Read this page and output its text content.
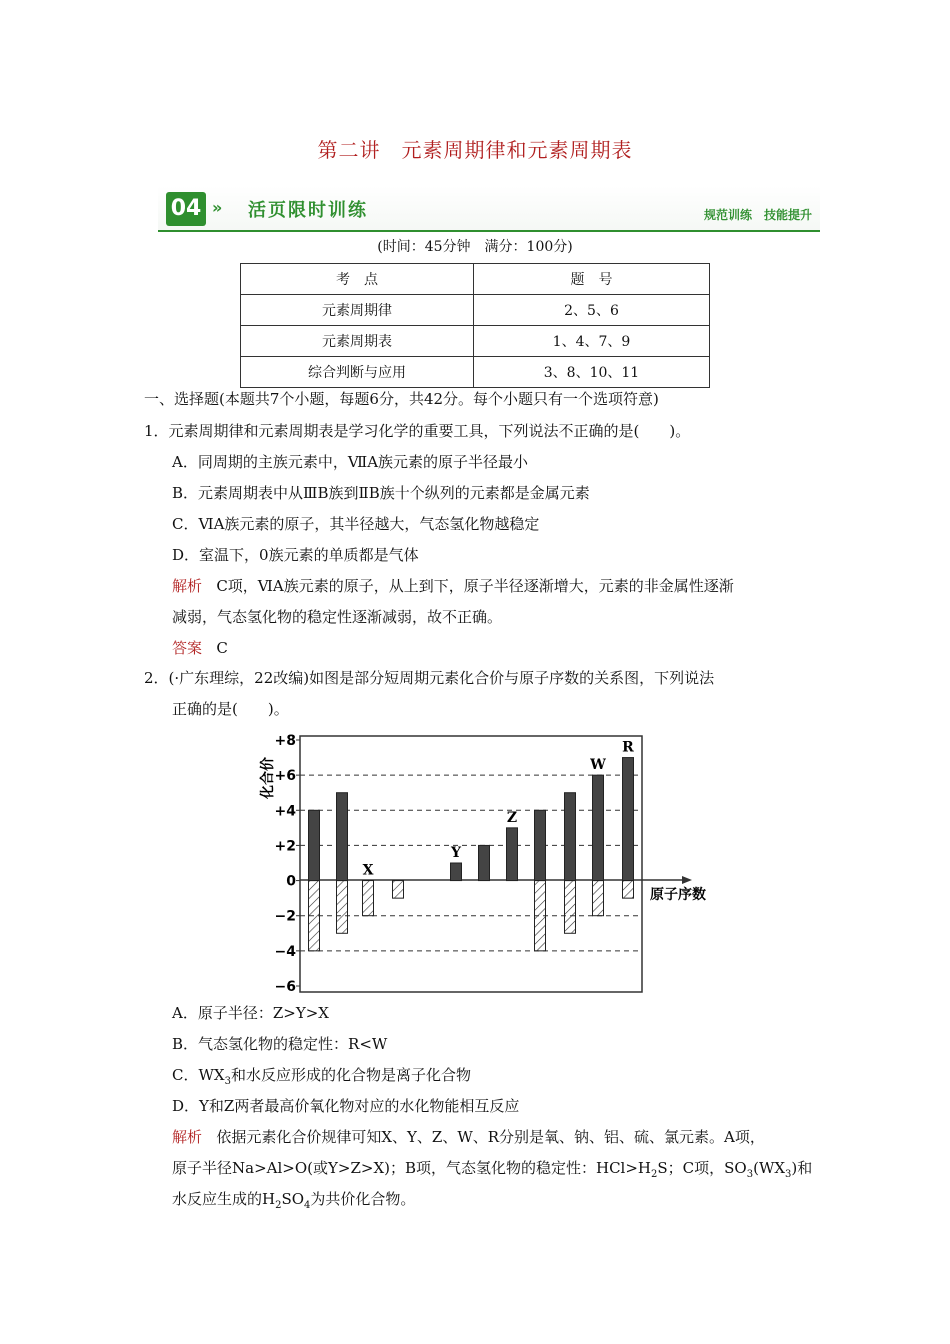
第二讲　元素周期律和元素周期表
04 » 活页限时训练	规范训练　技能提升
(时间：45分钟　满分：100分)
考　点	题　号
元素周期律	2、5、6
元素周期表	1、4、7、9
综合判断与应用	3、8、10、11
一、选择题(本题共7个小题，每题6分，共42分。每个小题只有一个选项符意)
1．元素周期律和元素周期表是学习化学的重要工具，下列说法不正确的是(　　)。
A．同周期的主族元素中，ⅦA族元素的原子半径最小
B．元素周期表中从ⅢB族到ⅡB族十个纵列的元素都是金属元素
C．ⅥA族元素的原子，其半径越大，气态氢化物越稳定
D．室温下，0族元素的单质都是气体
解析 C项，ⅥA族元素的原子，从上到下，原子半径逐渐增大，元素的非金属性逐渐
减弱，气态氢化物的稳定性逐渐减弱，故不正确。
答案 C
2．(·广东理综，22改编)如图是部分短周期元素化合价与原子序数的关系图，下列说法
正确的是(　　)。
+8
+6
+4
+2
0
−2
−4
−6
X
Y
Z
W
R
化合价
原子序数
A．原子半径：Z>Y>X
B．气态氢化物的稳定性：R<W
C．$WX_3$和水反应形成的化合物是离子化合物
D．Y和Z两者最高价氧化物对应的水化物能相互反应
解析 依据元素化合价规律可知X、Y、Z、W、R分别是氧、钠、铝、硫、氯元素。A项，
原子半径Na>Al>O(或Y>Z>X)；B项，气态氢化物的稳定性：$HCl>H_2S$；C项，$SO_3(WX_3)$和
水反应生成的$H_2SO_4$为共价化合物。
